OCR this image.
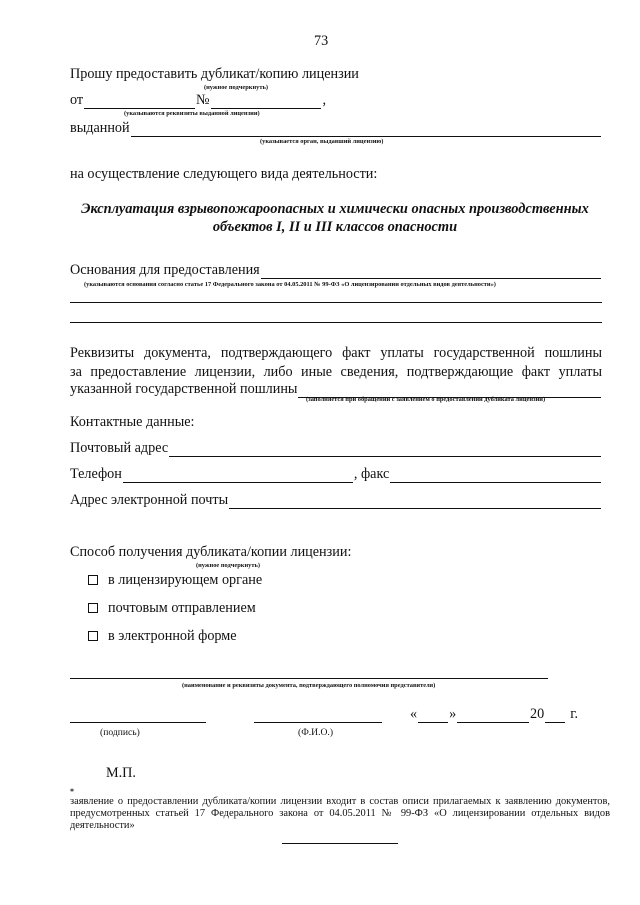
73
Прошу предоставить дубликат/копию лицензии
(нужное подчеркнуть)
от	№	,
(указываются реквизиты выданной лицензии)
выданной
(указывается орган, выдавший лицензию)
на осуществление следующего вида деятельности:
Эксплуатация взрывопожароопасных и химически опасных производственных
объектов I, II и III классов опасности
Основания для предоставления
(указываются основания согласно статье 17 Федерального закона от 04.05.2011 № 99-ФЗ «О лицензировании отдельных видов деятельности»)
Реквизиты документа, подтверждающего факт уплаты государственной пошлины
за предоставление лицензии, либо иные сведения, подтверждающие факт уплаты
указанной государственной пошлины
(заполняется при обращении с заявлением о предоставлении дубликата лицензии)
Контактные данные:
Почтовый адрес
Телефон	, факс
Адрес электронной почты
Способ получения дубликата/копии лицензии:
(нужное подчеркнуть)
в лицензирующем органе
почтовым отправлением
в электронной форме
(наименование и реквизиты документа, подтверждающего полномочия представителя)
« »	20 г.
(подпись)	(Ф.И.О.)
М.П.
*
заявление о предоставлении дубликата/копии лицензии входит в состав описи прилагаемых к заявлению документов, предусмотренных статьей 17 Федерального закона от 04.05.2011 № 99-ФЗ «О лицензировании отдельных видов деятельности»
